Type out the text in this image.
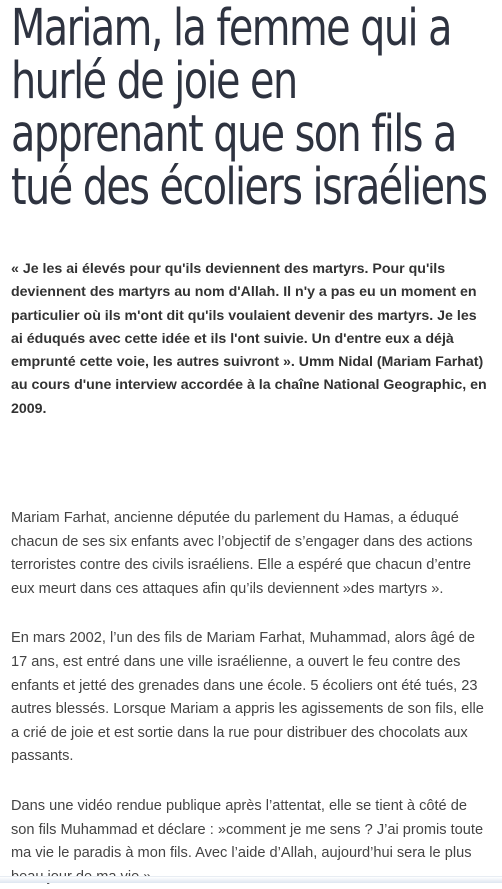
Mariam, la femme qui a hurlé de joie en apprenant que son fils a tué des écoliers israéliens

« Je les ai élevés pour qu'ils deviennent des martyrs. Pour qu'ils deviennent des martyrs au nom d'Allah. Il n'y a pas eu un moment en particulier où ils m'ont dit qu'ils voulaient devenir des martyrs. Je les ai éduqués avec cette idée et ils l'ont suivie. Un d'entre eux a déjà emprunté cette voie, les autres suivront ». Umm Nidal (Mariam Farhat) au cours d'une interview accordée à la chaîne National Geographic, en 2009.

Mariam Farhat, ancienne députée du parlement du Hamas, a éduqué chacun de ses six enfants avec l’objectif de s’engager dans des actions terroristes contre des civils israéliens. Elle a espéré que chacun d’entre eux meurt dans ces attaques afin qu’ils deviennent »des martyrs ».

En mars 2002, l’un des fils de Mariam Farhat, Muhammad, alors âgé de 17 ans, est entré dans une ville israélienne, a ouvert le feu contre des enfants et jetté des grenades dans une école. 5 écoliers ont été tués, 23 autres blessés. Lorsque Mariam a appris les agissements de son fils, elle a crié de joie et est sortie dans la rue pour distribuer des chocolats aux passants.

Dans une vidéo rendue publique après l’attentat, elle se tient à côté de son fils Muhammad et déclare : »comment je me sens ? J’ai promis toute ma vie le paradis à mon fils. Avec l’aide d’Allah, aujourd’hui sera le plus
